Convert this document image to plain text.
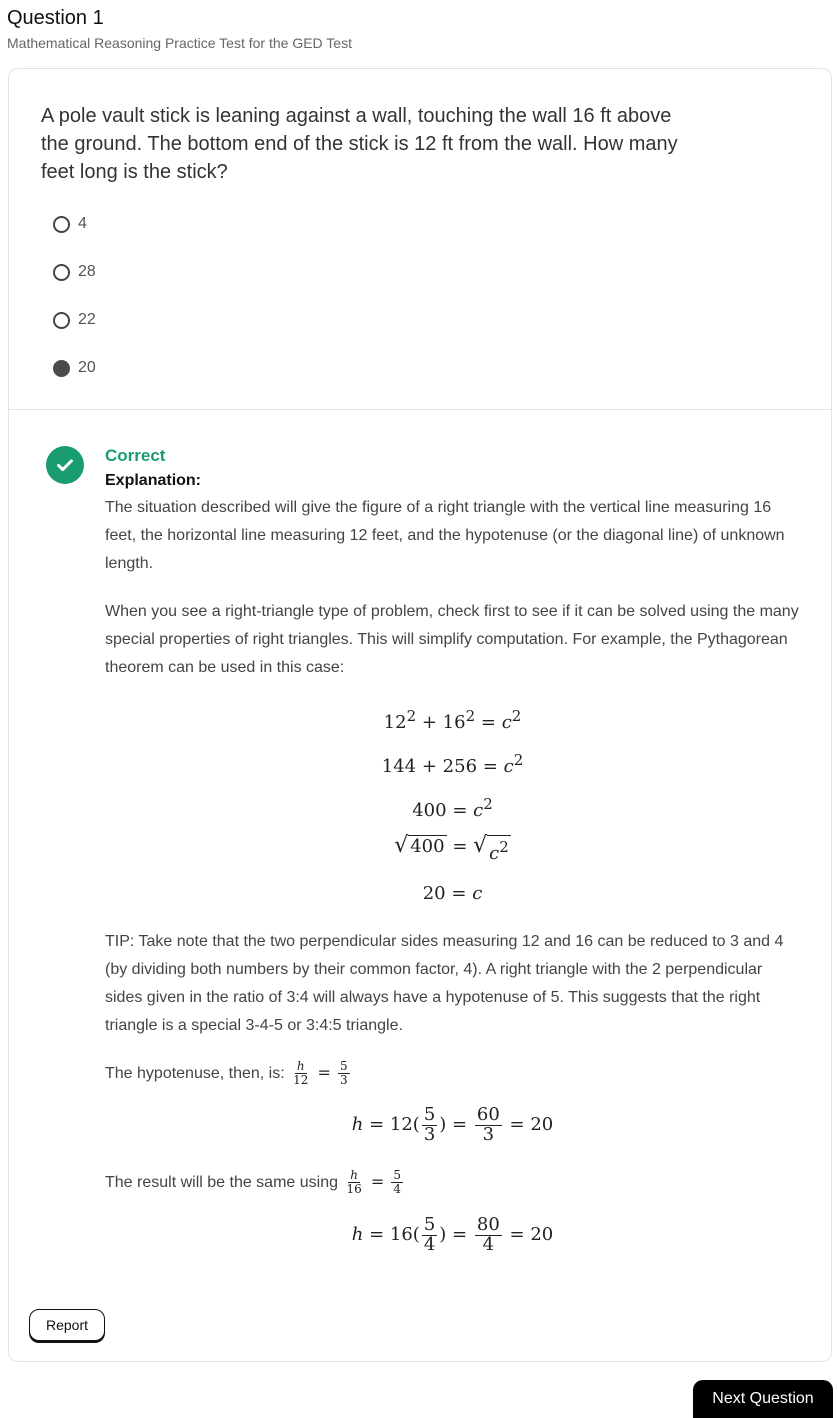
Question 1
Mathematical Reasoning Practice Test for the GED Test
A pole vault stick is leaning against a wall, touching the wall 16 ft above the ground. The bottom end of the stick is 12 ft from the wall. How many feet long is the stick?
4
28
22
20
Correct
Explanation:

The situation described will give the figure of a right triangle with the vertical line measuring 16 feet, the horizontal line measuring 12 feet, and the hypotenuse (or the diagonal line) of unknown length.

When you see a right-triangle type of problem, check first to see if it can be solved using the many special properties of right triangles. This will simplify computation. For example, the Pythagorean theorem can be used in this case:

$12^2 + 16^2 = c^2$
$144 + 256 = c^2$
$400 = c^2$
√ 400 = √ $c^2$
20 = c

TIP: Take note that the two perpendicular sides measuring 12 and 16 can be reduced to 3 and 4 (by dividing both numbers by their common factor, 4). A right triangle with the 2 perpendicular sides given in the ratio of 3:4 will always have a hypotenuse of 5. This suggests that the right triangle is a special 3-4-5 or 3:4:5 triangle.

The hypotenuse, then, is: $\frac{h}{12} = \frac{5}{3}$

$h = 12( \frac{5}{3}$ ) = $\frac{60}{3} = 20$

The result will be the same using $\frac{h}{16} = \frac{5}{4}$

$h = 16( \frac{5}{4}$ ) = $\frac{80}{4} = 20$
Report
Next Question
